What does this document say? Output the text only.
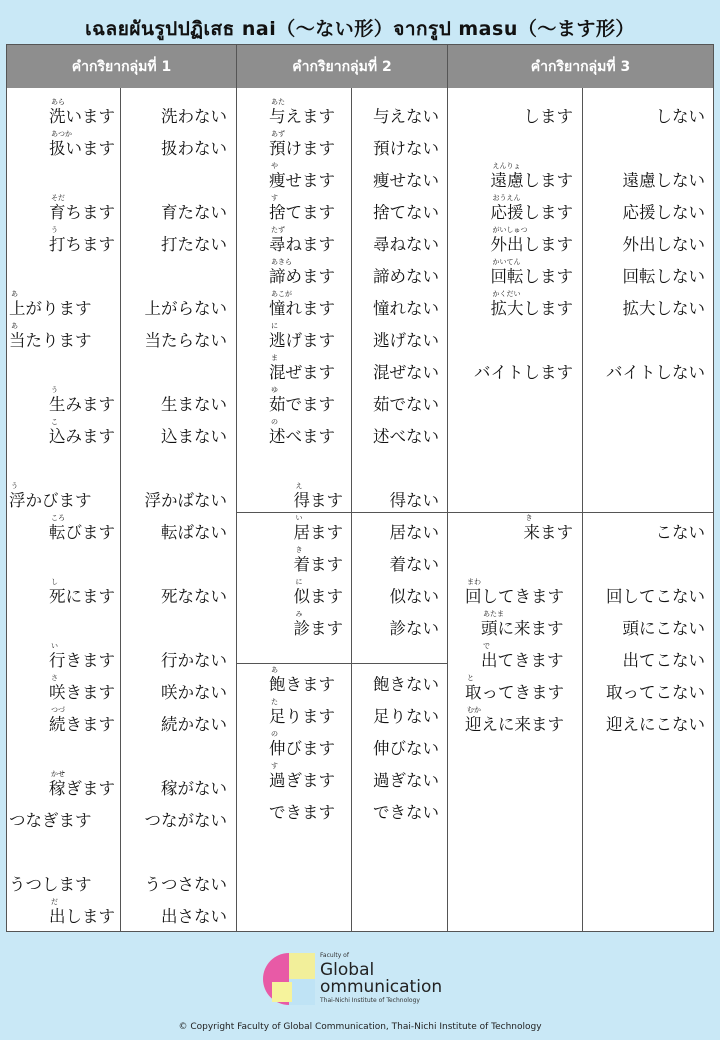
เฉลยผันรูปปฏิเสธ nai（～ない形）จากรูป masu（～ます形）
คำกริยากลุ่มที่ 1	คำกริยากลุ่มที่ 2	คำกริยากลุ่มที่ 3
洗います	洗わない
あら
扱います	扱わない
あつか
育ちます	育たない
そだ
打ちます	打たない
う
上がります	上がらない
あ
当たります	当たらない
あ
生みます	生まない
う
込みます	込まない
こ
浮かびます	浮かばない
う
転びます	転ばない
ころ
死にます	死なない
し
行きます	行かない
い
咲きます	咲かない
さ
続きます	続かない
つづ
稼ぎます	稼がない
かせ
つなぎます	つながない
うつします	うつさない
出します	出さない
だ
与えます	与えない
あた
預けます	預けない
あず
痩せます	痩せない
や
捨てます	捨てない
す
尋ねます	尋ねない
たず
諦めます	諦めない
あきら
憧れます	憧れない
あこが
逃げます	逃げない
に
混ぜます	混ぜない
ま
茹でます	茹でない
ゆ
述べます	述べない
の
得ます	得ない
え
居ます	居ない
い
着ます	着ない
き
似ます	似ない
に
診ます	診ない
み
飽きます	飽きない
あ
足ります	足りない
た
伸びます	伸びない
の
過ぎます	過ぎない
す
できます	できない
します	しない
遠慮します	遠慮しない
えんりょ
応援します	応援しない
おうえん
外出します	外出しない
がいしゅつ
回転します	回転しない
かいてん
拡大します	拡大しない
かくだい
バイトします	バイトしない
来ます	こない
き
回してきます	回してこない
まわ
頭に来ます	頭にこない
あたま
出てきます	出てこない
で
取ってきます	取ってこない
と
迎えに来ます	迎えにこない
むか
Faculty of
Global
ommunication
Thai-Nichi Institute of Technology
© Copyright Faculty of Global Communication, Thai-Nichi Institute of Technology
